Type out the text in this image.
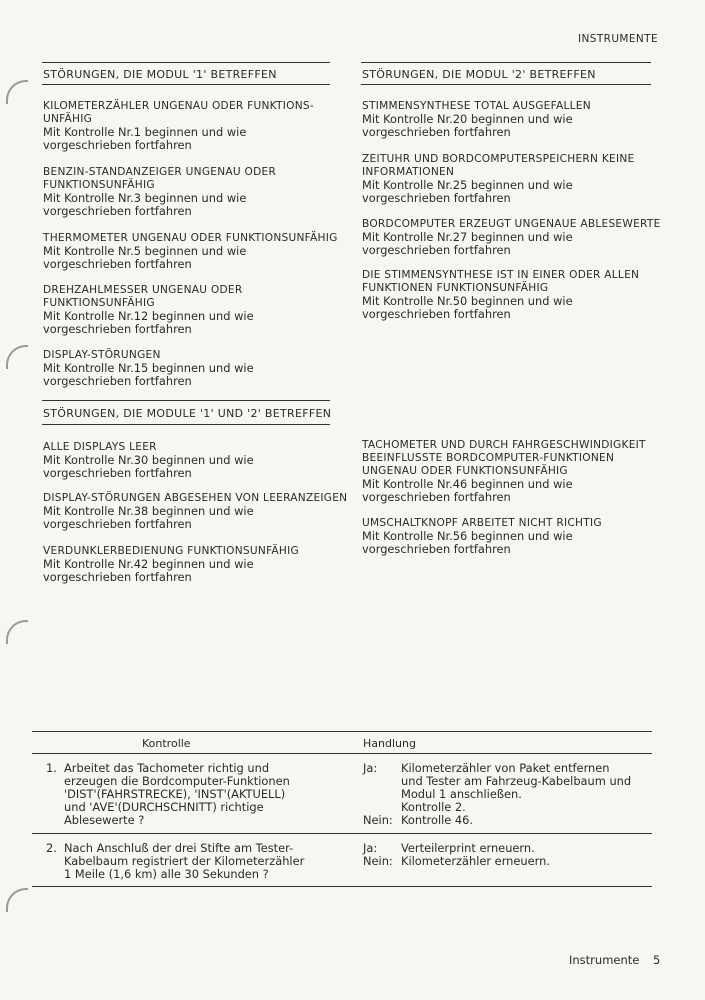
INSTRUMENTE
STÖRUNGEN, DIE MODUL '1' BETREFFEN	STÖRUNGEN, DIE MODUL '2' BETREFFEN
KILOMETERZÄHLER UNGENAU ODER FUNKTIONS-
UNFÄHIG
Mit Kontrolle Nr.1 beginnen und wie
vorgeschrieben fortfahren
BENZIN-STANDANZEIGER UNGENAU ODER
FUNKTIONSUNFÄHIG
Mit Kontrolle Nr.3 beginnen und wie
vorgeschrieben fortfahren
THERMOMETER UNGENAU ODER FUNKTIONSUNFÄHIG
Mit Kontrolle Nr.5 beginnen und wie
vorgeschrieben fortfahren
DREHZAHLMESSER UNGENAU ODER
FUNKTIONSUNFÄHIG
Mit Kontrolle Nr.12 beginnen und wie
vorgeschrieben fortfahren
DISPLAY-STÖRUNGEN
Mit Kontrolle Nr.15 beginnen und wie
vorgeschrieben fortfahren
STIMMENSYNTHESE TOTAL AUSGEFALLEN
Mit Kontrolle Nr.20 beginnen und wie
vorgeschrieben fortfahren
ZEITUHR UND BORDCOMPUTERSPEICHERN KEINE
INFORMATIONEN
Mit Kontrolle Nr.25 beginnen und wie
vorgeschrieben fortfahren
BORDCOMPUTER ERZEUGT UNGENAUE ABLESEWERTE
Mit Kontrolle Nr.27 beginnen und wie
vorgeschrieben fortfahren
DIE STIMMENSYNTHESE IST IN EINER ODER ALLEN
FUNKTIONEN FUNKTIONSUNFÄHIG
Mit Kontrolle Nr.50 beginnen und wie
vorgeschrieben fortfahren
STÖRUNGEN, DIE MODULE '1' UND '2' BETREFFEN
ALLE DISPLAYS LEER
Mit Kontrolle Nr.30 beginnen und wie
vorgeschrieben fortfahren
DISPLAY-STÖRUNGEN ABGESEHEN VON LEERANZEIGEN
Mit Kontrolle Nr.38 beginnen und wie
vorgeschrieben fortfahren
VERDUNKLERBEDIENUNG FUNKTIONSUNFÄHIG
Mit Kontrolle Nr.42 beginnen und wie
vorgeschrieben fortfahren
TACHOMETER UND DURCH FAHRGESCHWINDIGKEIT
BEEINFLUSSTE BORDCOMPUTER-FUNKTIONEN
UNGENAU ODER FUNKTIONSUNFÄHIG
Mit Kontrolle Nr.46 beginnen und wie
vorgeschrieben fortfahren
UMSCHALTKNOPF ARBEITET NICHT RICHTIG
Mit Kontrolle Nr.56 beginnen und wie
vorgeschrieben fortfahren
Kontrolle	Handlung
1. Arbeitet das Tachometer richtig und
erzeugen die Bordcomputer-Funktionen
'DIST'(FAHRSTRECKE), 'INST'(AKTUELL)
und 'AVE'(DURCHSCHNITT) richtige
Ablesewerte ?
Ja:	Kilometerzähler von Paket entfernen
und Tester am Fahrzeug-Kabelbaum und
Modul 1 anschließen.
Kontrolle 2.
Nein: Kontrolle 46.
2. Nach Anschluß der drei Stifte am Tester-
Kabelbaum registriert der Kilometerzähler
1 Meile (1,6 km) alle 30 Sekunden ?
Ja:	Verteilerprint erneuern.
Nein: Kilometerzähler erneuern.
Instrumente 5
